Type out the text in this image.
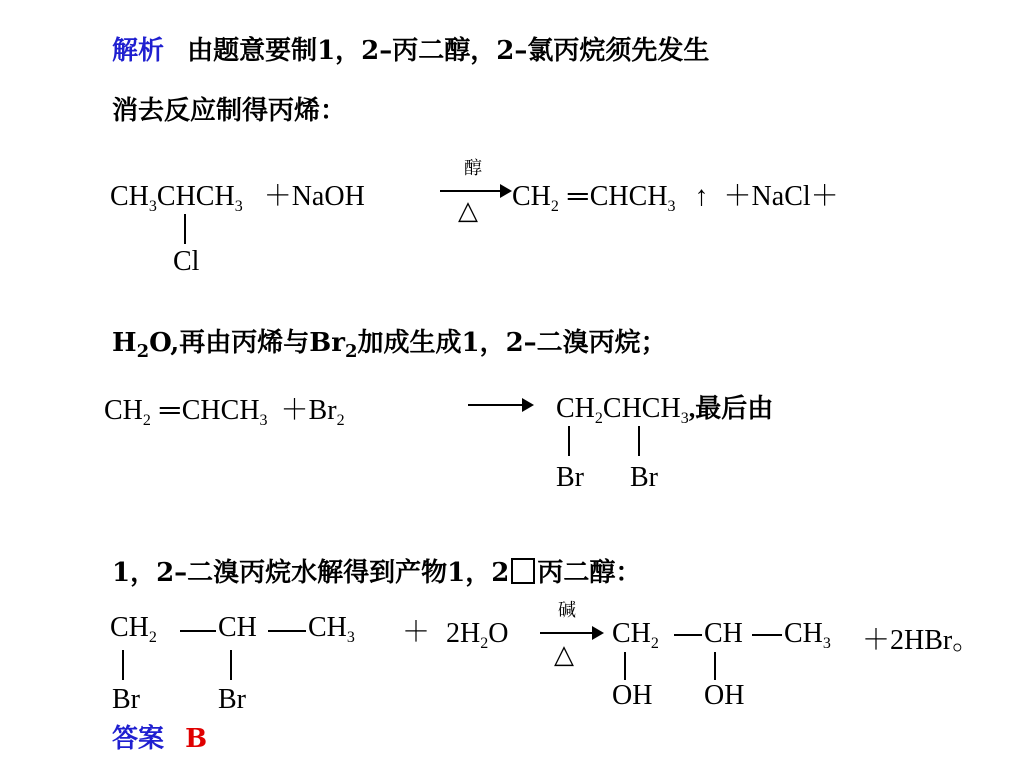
解析 由题意要制1，2–丙二醇，2–氯丙烷须先发生
消去反应制得丙烯：
$CH_3CHCH_3$ ＋NaOH
Cl
醇
△ $CH_2$ $═CHCH_3$ ↑ ＋NaCl＋
$H_2O$,再由丙烯与$Br_2$加成生成1，2–二溴丙烷；
$CH_2$ $═CHCH_3 +Br_2$	$CH_2CHCH_3$,最后由
Br Br
1，2–二溴丙烷水解得到产物1，2 丙二醇：
$CH_2$ CH $CH_3 + 2H_2O$
Br	Br
碱
△
$CH_2$ CH $CH_3 +2HBr$。
OH OH
答案 B
